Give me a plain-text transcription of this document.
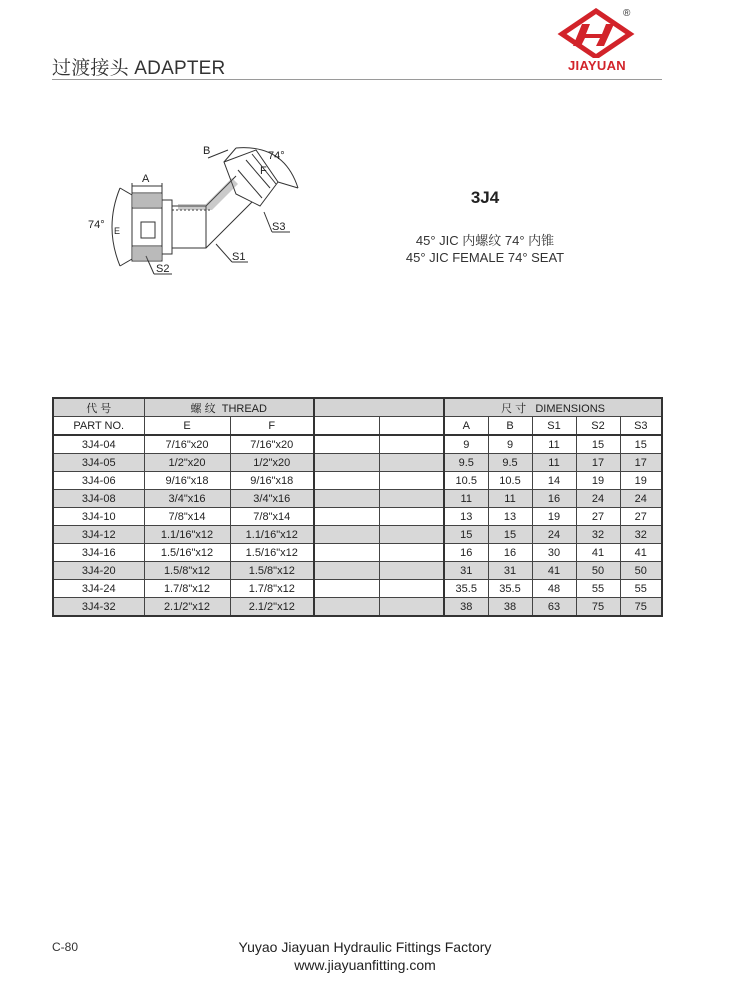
过渡接头 ADAPTER
®
JIAYUAN
74°
74°
A
B
E
F
S1
S2
S3
3J4
45° JIC 内螺纹 74° 内锥
45° JIC FEMALE 74° SEAT
代 号	螺 纹 THREAD				尺 寸 DIMENSIONS				
PART NO.	E	F			A	B	S1	S2	S3
3J4-04	7/16"x20	7/16"x20			9	9	11	15	15
3J4-05	1/2"x20	1/2"x20			9.5	9.5	11	17	17
3J4-06	9/16"x18	9/16"x18			10.5	10.5	14	19	19
3J4-08	3/4"x16	3/4"x16			11	11	16	24	24
3J4-10	7/8"x14	7/8"x14			13	13	19	27	27
3J4-12	1.1/16"x12	1.1/16"x12			15	15	24	32	32
3J4-16	1.5/16"x12	1.5/16"x12			16	16	30	41	41
3J4-20	1.5/8"x12	1.5/8"x12			31	31	41	50	50
3J4-24	1.7/8"x12	1.7/8"x12			35.5	35.5	48	55	55
3J4-32	2.1/2"x12	2.1/2"x12			38	38	63	75	75
C-80	Yuyao Jiayuan Hydraulic Fittings Factory
www.jiayuanfitting.com
